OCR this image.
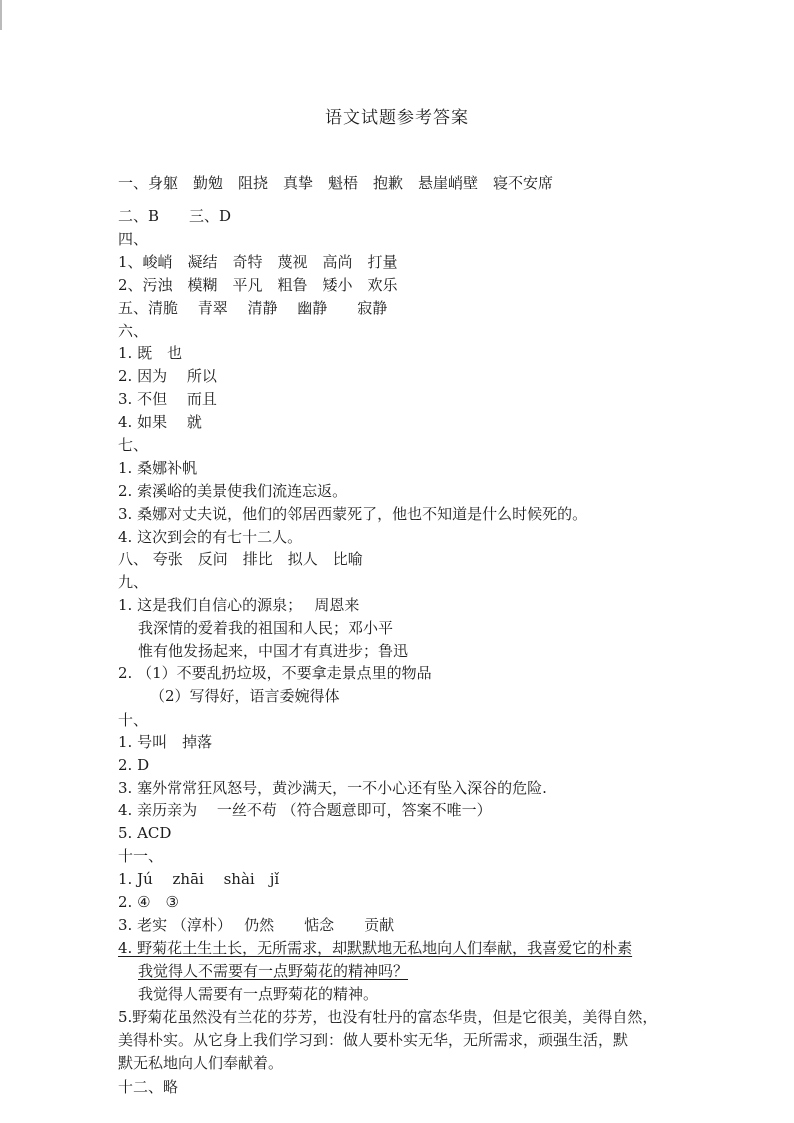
语文试题参考答案
一、身躯　勤勉　阻挠　真挚　魁梧　抱歉　悬崖峭壁　寝不安席
二、B　　三、D
四、
1、峻峭　凝结　奇特　蔑视　高尚　打量
2、污浊　模糊　平凡　粗鲁　矮小　欢乐
五、清脆　 青翠　 清静　 幽静　　寂静
六、
1. 既　也
2. 因为　 所以
3. 不但　 而且
4. 如果　 就
七、
1. 桑娜补帆
2. 索溪峪的美景使我们流连忘返。
3. 桑娜对丈夫说，他们的邻居西蒙死了，他也不知道是什么时候死的。
4. 这次到会的有七十二人。
八、 夸张　反问　排比　拟人　比喻
九、
1. 这是我们自信心的源泉；　 周恩来
我深情的爱着我的祖国和人民；邓小平
惟有他发扬起来，中国才有真进步；鲁迅
2. （1）不要乱扔垃圾，不要拿走景点里的物品
（2）写得好，语言委婉得体
十、
1. 号叫　掉落
2. D
3. 塞外常常狂风怒号，黄沙满天，一不小心还有坠入深谷的危险.
4. 亲历亲为　 一丝不苟 （符合题意即可，答案不唯一）
5. ACD
十一、
1. Jú　 zhāi　 shài　jǐ
2. ④　③
3. 老实 （淳朴）　 仍然　　惦念　　贡献
4. 野菊花土生土长，无所需求，却默默地无私地向人们奉献，我喜爱它的朴素
我觉得人不需要有一点野菊花的精神吗？
我觉得人需要有一点野菊花的精神。
5.野菊花虽然没有兰花的芬芳，也没有牡丹的富态华贵，但是它很美，美得自然，
美得朴实。从它身上我们学习到：做人要朴实无华，无所需求，顽强生活，默
默无私地向人们奉献着。
十二、略
